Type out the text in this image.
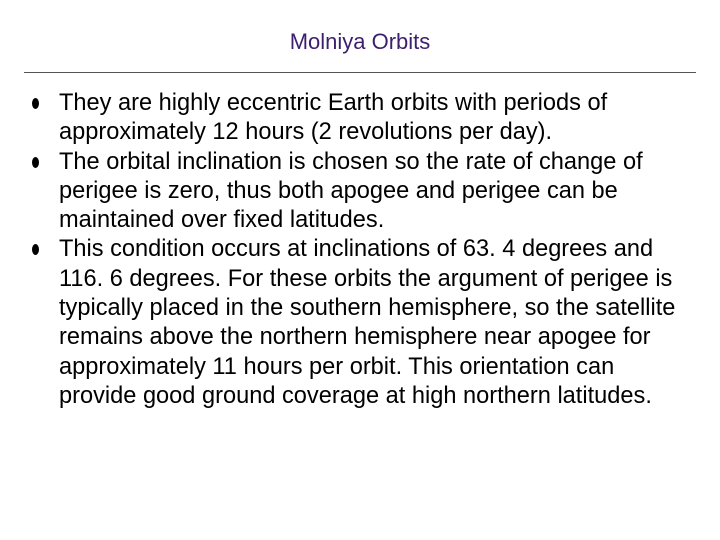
Molniya Orbits
They are highly eccentric Earth orbits with periods of approximately 12 hours (2 revolutions per day).
The orbital inclination is chosen so the rate of change of perigee is zero, thus both apogee and perigee can be maintained over fixed latitudes.
This condition occurs at inclinations of 63. 4 degrees and 116. 6 degrees. For these orbits the argument of perigee is typically placed in the southern hemisphere, so the satellite remains above the northern hemisphere near apogee for approximately 11 hours per orbit. This orientation can provide good ground coverage at high northern latitudes.
